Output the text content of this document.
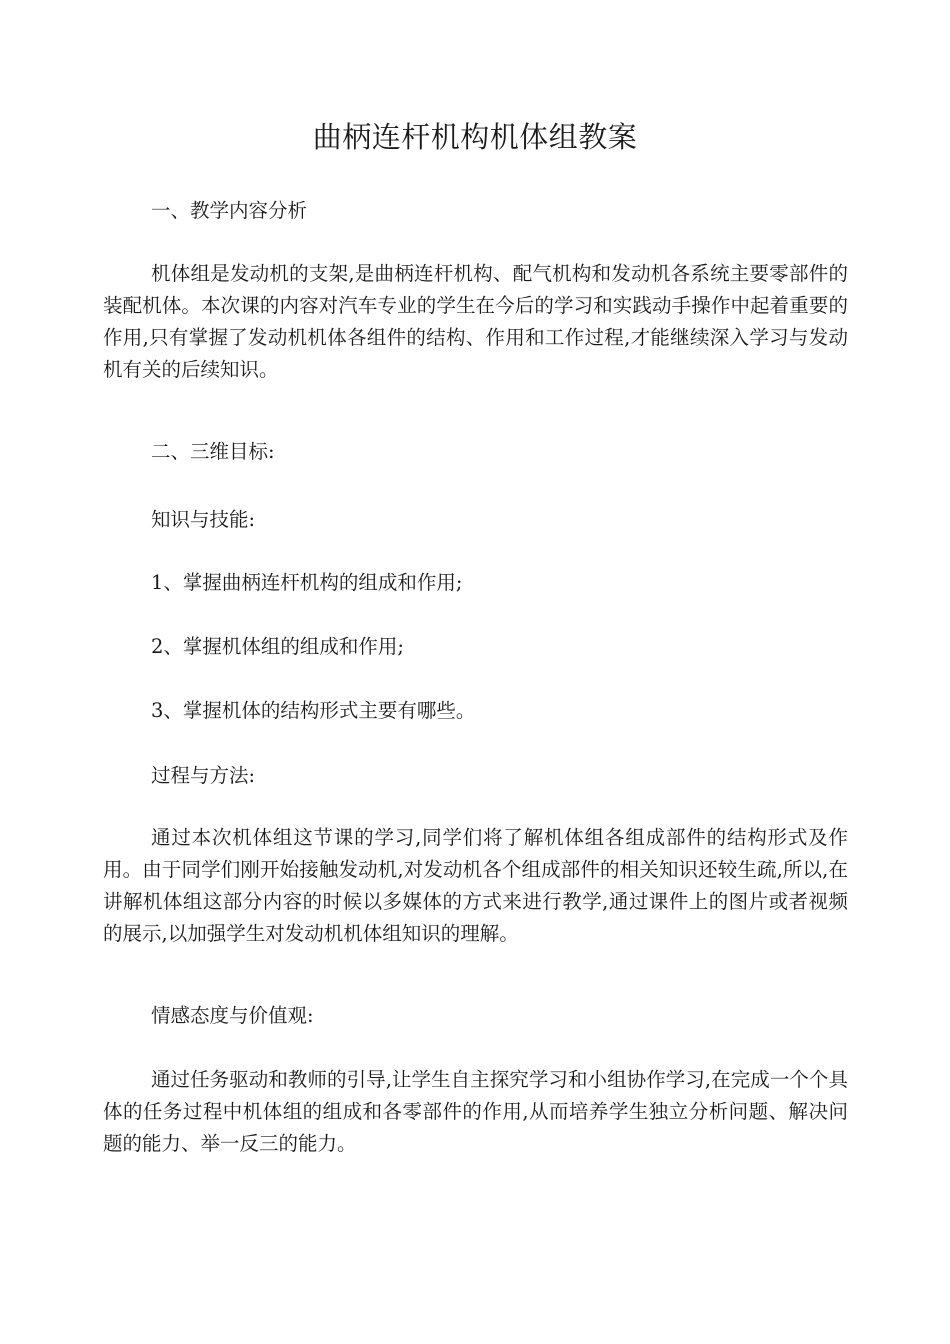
曲柄连杆机构机体组教案

一、教学内容分析

机体组是发动机的支架,是曲柄连杆机构、配气机构和发动机各系统主要零部件的装配机体。本次课的内容对汽车专业的学生在今后的学习和实践动手操作中起着重要的作用,只有掌握了发动机机体各组件的结构、作用和工作过程,才能继续深入学习与发动机有关的后续知识。

二、三维目标:

知识与技能:

1、掌握曲柄连杆机构的组成和作用;

2、掌握机体组的组成和作用;

3、掌握机体的结构形式主要有哪些。

过程与方法:

通过本次机体组这节课的学习,同学们将了解机体组各组成部件的结构形式及作用。由于同学们刚开始接触发动机,对发动机各个组成部件的相关知识还较生疏,所以,在讲解机体组这部分内容的时候以多媒体的方式来进行教学,通过课件上的图片或者视频的展示,以加强学生对发动机机体组知识的理解。

情感态度与价值观:

通过任务驱动和教师的引导,让学生自主探究学习和小组协作学习,在完成一个个具体的任务过程中机体组的组成和各零部件的作用,从而培养学生独立分析问题、解决问题的能力、举一反三的能力。
